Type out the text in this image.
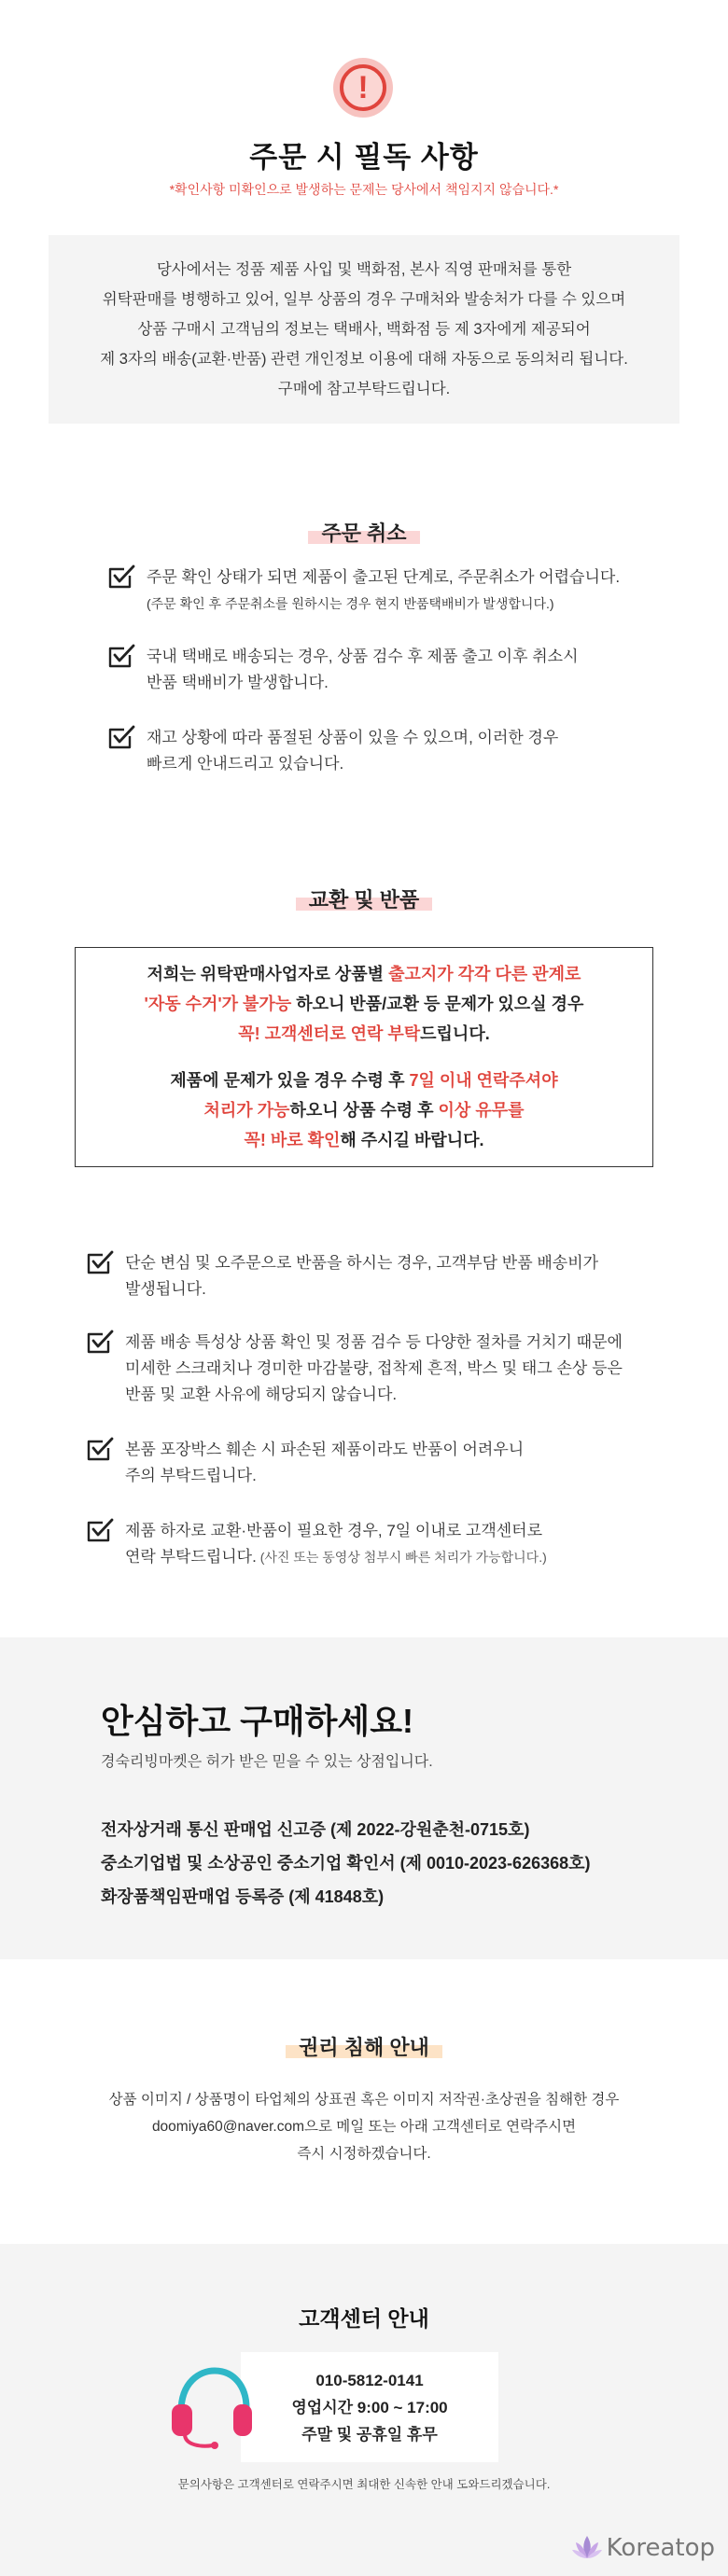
!
주문 시 필독 사항
*확인사항 미확인으로 발생하는 문제는 당사에서 책임지지 않습니다.*

당사에서는 정품 제품 사입 및 백화점, 본사 직영 판매처를 통한

위탁판매를 병행하고 있어, 일부 상품의 경우 구매처와 발송처가 다를 수 있으며

상품 구매시 고객님의 정보는 택배사, 백화점 등 제 3자에게 제공되어

제 3자의 배송(교환·반품) 관련 개인정보 이용에 대해 자동으로 동의처리 됩니다.

구매에 참고부탁드립니다.

주문 취소
주문 확인 상태가 되면 제품이 출고된 단계로, 주문취소가 어렵습니다.
(주문 확인 후 주문취소를 원하시는 경우 현지 반품택배비가 발생합니다.)
국내 택배로 배송되는 경우, 상품 검수 후 제품 출고 이후 취소시
반품 택배비가 발생합니다.
재고 상황에 따라 품절된 상품이 있을 수 있으며, 이러한 경우
빠르게 안내드리고 있습니다.
교환 및 반품

저희는 위탁판매사업자로 상품별 출고지가 각각 다른 관계로

'자동 수거'가 불가능 하오니 반품/교환 등 문제가 있으실 경우

꼭! 고객센터로 연락 부탁드립니다.

제품에 문제가 있을 경우 수령 후 7일 이내 연락주셔야

처리가 가능하오니 상품 수령 후 이상 유무를

꼭! 바로 확인해 주시길 바랍니다.

단순 변심 및 오주문으로 반품을 하시는 경우, 고객부담 반품 배송비가
발생됩니다.
제품 배송 특성상 상품 확인 및 정품 검수 등 다양한 절차를 거치기 때문에
미세한 스크래치나 경미한 마감불량, 접착제 흔적, 박스 및 태그 손상 등은
반품 및 교환 사유에 해당되지 않습니다.
본품 포장박스 훼손 시 파손된 제품이라도 반품이 어려우니
주의 부탁드립니다.
제품 하자로 교환·반품이 필요한 경우, 7일 이내로 고객센터로
연락 부탁드립니다. (사진 또는 동영상 첨부시 빠른 처리가 가능합니다.)
안심하고 구매하세요!
경숙리빙마켓은 허가 받은 믿을 수 있는 상점입니다.

전자상거래 통신 판매업 신고증 (제 2022-강원춘천-0715호)

중소기업법 및 소상공인 중소기업 확인서 (제 0010-2023-626368호)

화장품책임판매업 등록증 (제 41848호)

권리 침해 안내

상품 이미지 / 상품명이 타업체의 상표권 혹은 이미지 저작권·초상권을 침해한 경우

doomiya60@naver.com으로 메일 또는 아래 고객센터로 연락주시면

즉시 시정하겠습니다.

고객센터 안내

010-5812-0141

영업시간 9:00 ~ 17:00

주말 및 공휴일 휴무

문의사항은 고객센터로 연락주시면 최대한 신속한 안내 도와드리겠습니다.
Koreatop
